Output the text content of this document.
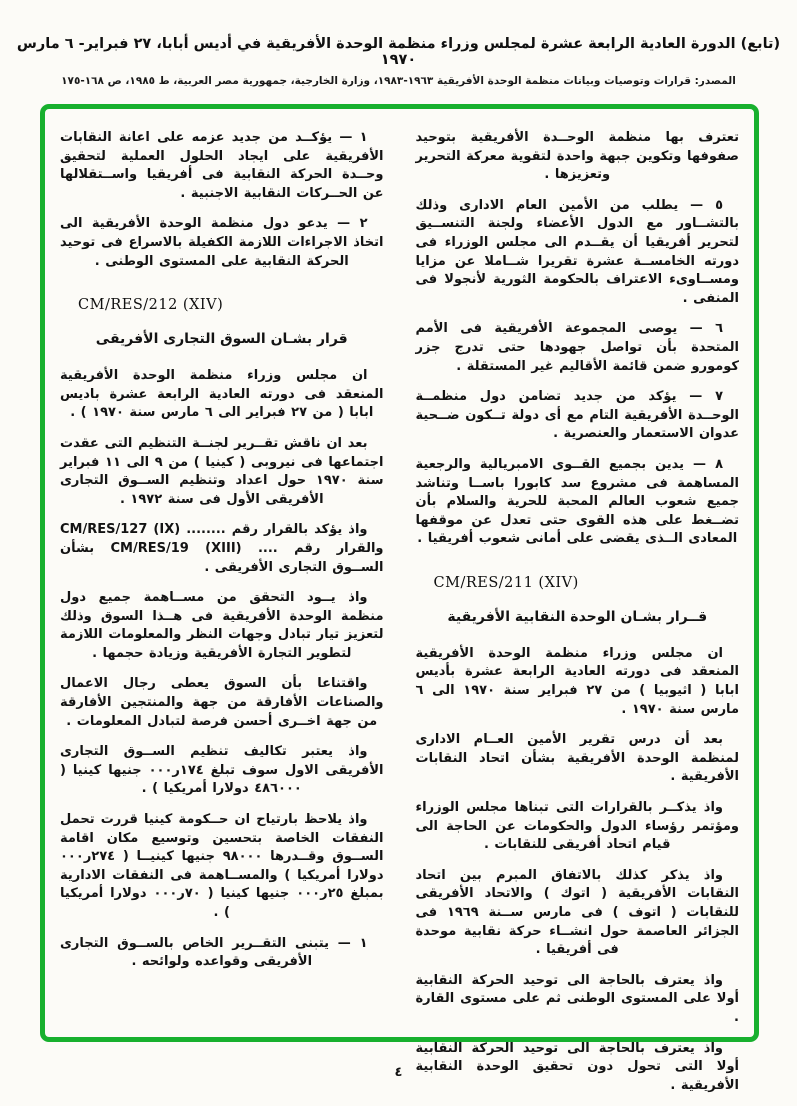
(تابع) الدورة العادية الرابعة عشرة لمجلس وزراء منظمة الوحدة الأفريقية في أديس أبابا، ٢٧ فبراير- ٦ مارس ١٩٧٠
المصدر: قرارات وتوصيات وبيانات منظمة الوحدة الأفريقية ١٩٦٣-١٩٨٣، وزارة الخارجية، جمهورية مصر العربية، ط ١٩٨٥، ص ١٦٨-١٧٥
تعترف بها منظمة الوحــدة الأفريقية بتوحيد صفوفها وتكوين جبهة واحدة لتقوية معركة التحرير وتعزيزها .
٥ — يطلب من الأمين العام الادارى وذلك بالتشــاور مع الدول الأعضاء ولجنة التنســيق لتحرير أفريقيا أن يقــدم الى مجلس الوزراء فى دورته الخامســة عشرة تقريرا شــاملا عن مزايا ومســاوىء الاعتراف بالحكومة الثورية لأنجولا فى المنفى .
٦ — يوصى المجموعة الأفريقية فى الأمم المتحدة بأن تواصل جهودها حتى تدرج جزر كومورو ضمن قائمة الأقاليم غير المستقلة .
٧ — يؤكد من جديد تضامن دول منظمــة الوحــدة الأفريقية التام مع أى دولة تــكون ضــحية عدوان الاستعمار والعنصرية .
٨ — يدين بجميع القــوى الامبريالية والرجعية المساهمة فى مشروع سد كابورا باســا وتناشد جميع شعوب العالم المحبة للحرية والسلام بأن تضــغط على هذه القوى حتى تعدل عن موقفها المعادى الــذى يقضى على أمانى شعوب أفريقيا .
CM/RES/211 (XIV)
قــرار بشـان الوحدة النقابية الأفريقية
ان مجلس وزراء منظمة الوحدة الأفريقية المنعقد فى دورته العادية الرابعة عشرة بأديس ابابا ( اثيوبيا ) من ٢٧ فبراير سنة ١٩٧٠ الى ٦ مارس سنة ١٩٧٠ .
بعد أن درس تقرير الأمين العــام الادارى لمنظمة الوحدة الأفريقية بشأن اتحاد النقابات الأفريقية .
واذ يذكــر بالقرارات التى تبناها مجلس الوزراء ومؤتمر رؤساء الدول والحكومات عن الحاجة الى قيام اتحاد أفريقى للنقابات .
واذ يذكر كذلك بالاتفاق المبرم بين اتحاد النقابات الأفريقية ( اتوك ) والاتحاد الأفريقى للنقابات ( اتوف ) فى مارس ســنة ١٩٦٩ فى الجزائر العاصمة حول انشــاء حركة نقابية موحدة فى أفريقيا .
واذ يعترف بالحاجة الى توحيد الحركة النقابية أولا على المستوى الوطنى ثم على مستوى القارة .
واذ يعترف بالحاجة الى توحيد الحركة النقابية أولا التى تحول دون تحقيق الوحدة النقابية الأفريقية .
١ — يؤكــد من جديد عزمه على اعانة النقابات الأفريقية على ايجاد الحلول العملية لتحقيق وحــدة الحركة النقابية فى أفريقيا واســتقلالها عن الحــركات النقابية الاجنبية .
٢ — يدعو دول منظمة الوحدة الأفريقية الى اتخاذ الاجراءات اللازمة الكفيلة بالاسراع فى توحيد الحركة النقابية على المستوى الوطنى .
CM/RES/212 (XIV)
قرار بشـان السوق التجارى الأفريقى
ان مجلس وزراء منظمة الوحدة الأفريقية المنعقد فى دورته العادية الرابعة عشرة باديس ابابا ( من ٢٧ فبراير الى ٦ مارس سنة ١٩٧٠ ) .
بعد ان ناقش تقــرير لجنــة التنظيم التى عقدت اجتماعها فى نيروبى ( كينيا ) من ٩ الى ١١ فبراير سنة ١٩٧٠ حول اعداد وتنظيم الســوق التجارى الأفريقى الأول فى سنة ١٩٧٢ .
واذ يؤكد بالقرار رقم ........ CM/RES/127 (IX) والقرار رقم .... CM/RES/19 (XIII) بشأن الســوق التجارى الأفريقى .
واذ يــود التحقق من مســاهمة جميع دول منظمة الوحدة الأفريقية فى هــذا السوق وذلك لتعزيز تيار تبادل وجهات النظر والمعلومات اللازمة لتطوير التجارة الأفريقية وزيادة حجمها .
واقتناعا بأن السوق يعطى رجال الاعمال والصناعات الأفارقة من جهة والمنتجين الأفارقة من جهة اخــرى أحسن فرصة لتبادل المعلومات .
واذ يعتبر تكاليف تنظيم الســوق التجارى الأفريقى الاول سوف تبلغ ١٧٤ر٠٠٠ جنيها كينيا ( ٤٨٦٠٠٠ دولارا أمريكيا ) .
واذ يلاحظ بارتياح ان حــكومة كينيا قررت تحمل النفقات الخاصة بتحسين وتوسيع مكان اقامة الســوق وقــدرها ٩٨٠٠٠ جنيها كينيــا ( ٢٧٤ر٠٠٠ دولارا أمريكيا ) والمســاهمة فى النفقات الادارية بمبلغ ٢٥ر٠٠٠ جنيها كينيا ( ٧٠ر٠٠٠ دولارا أمريكيا ) .
١ — يتبنى التقــرير الخاص بالســوق التجارى الأفريقى وقواعده ولوائحه .
٤
